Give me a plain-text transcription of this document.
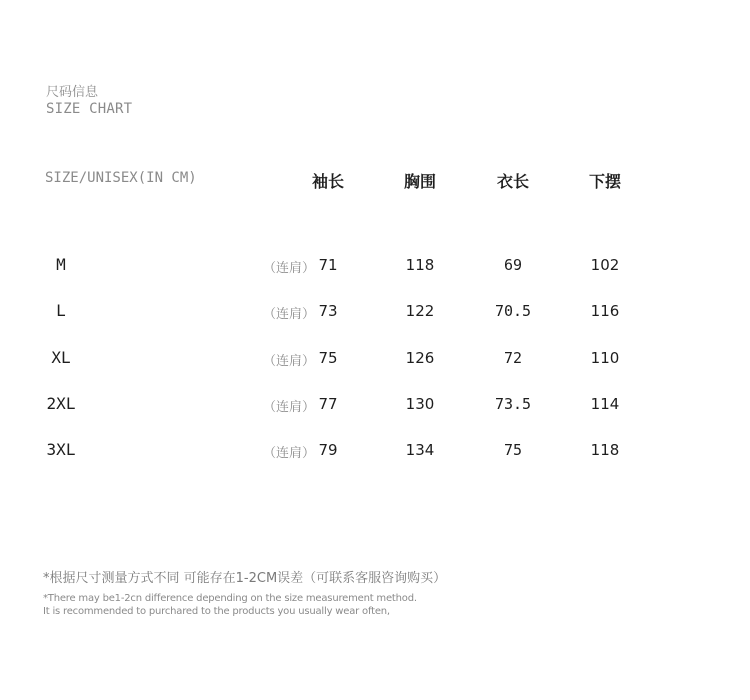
尺码信息
SIZE CHART
SIZE/UNISEX(IN CM)	袖长	胸围	衣长	下摆
M	（连肩） 71	118	69	102
L	（连肩） 73	122	70.5	116
XL	（连肩） 75	126	72	110
2XL	（连肩） 77	130	73.5	114
3XL	（连肩） 79	134	75	118
*根据尺寸测量方式不同 可能存在1-2CM误差（可联系客服咨询购买）
*There may be1-2cn difference depending on the size measurement method.
It is recommended to purchared to the products you usually wear often,
